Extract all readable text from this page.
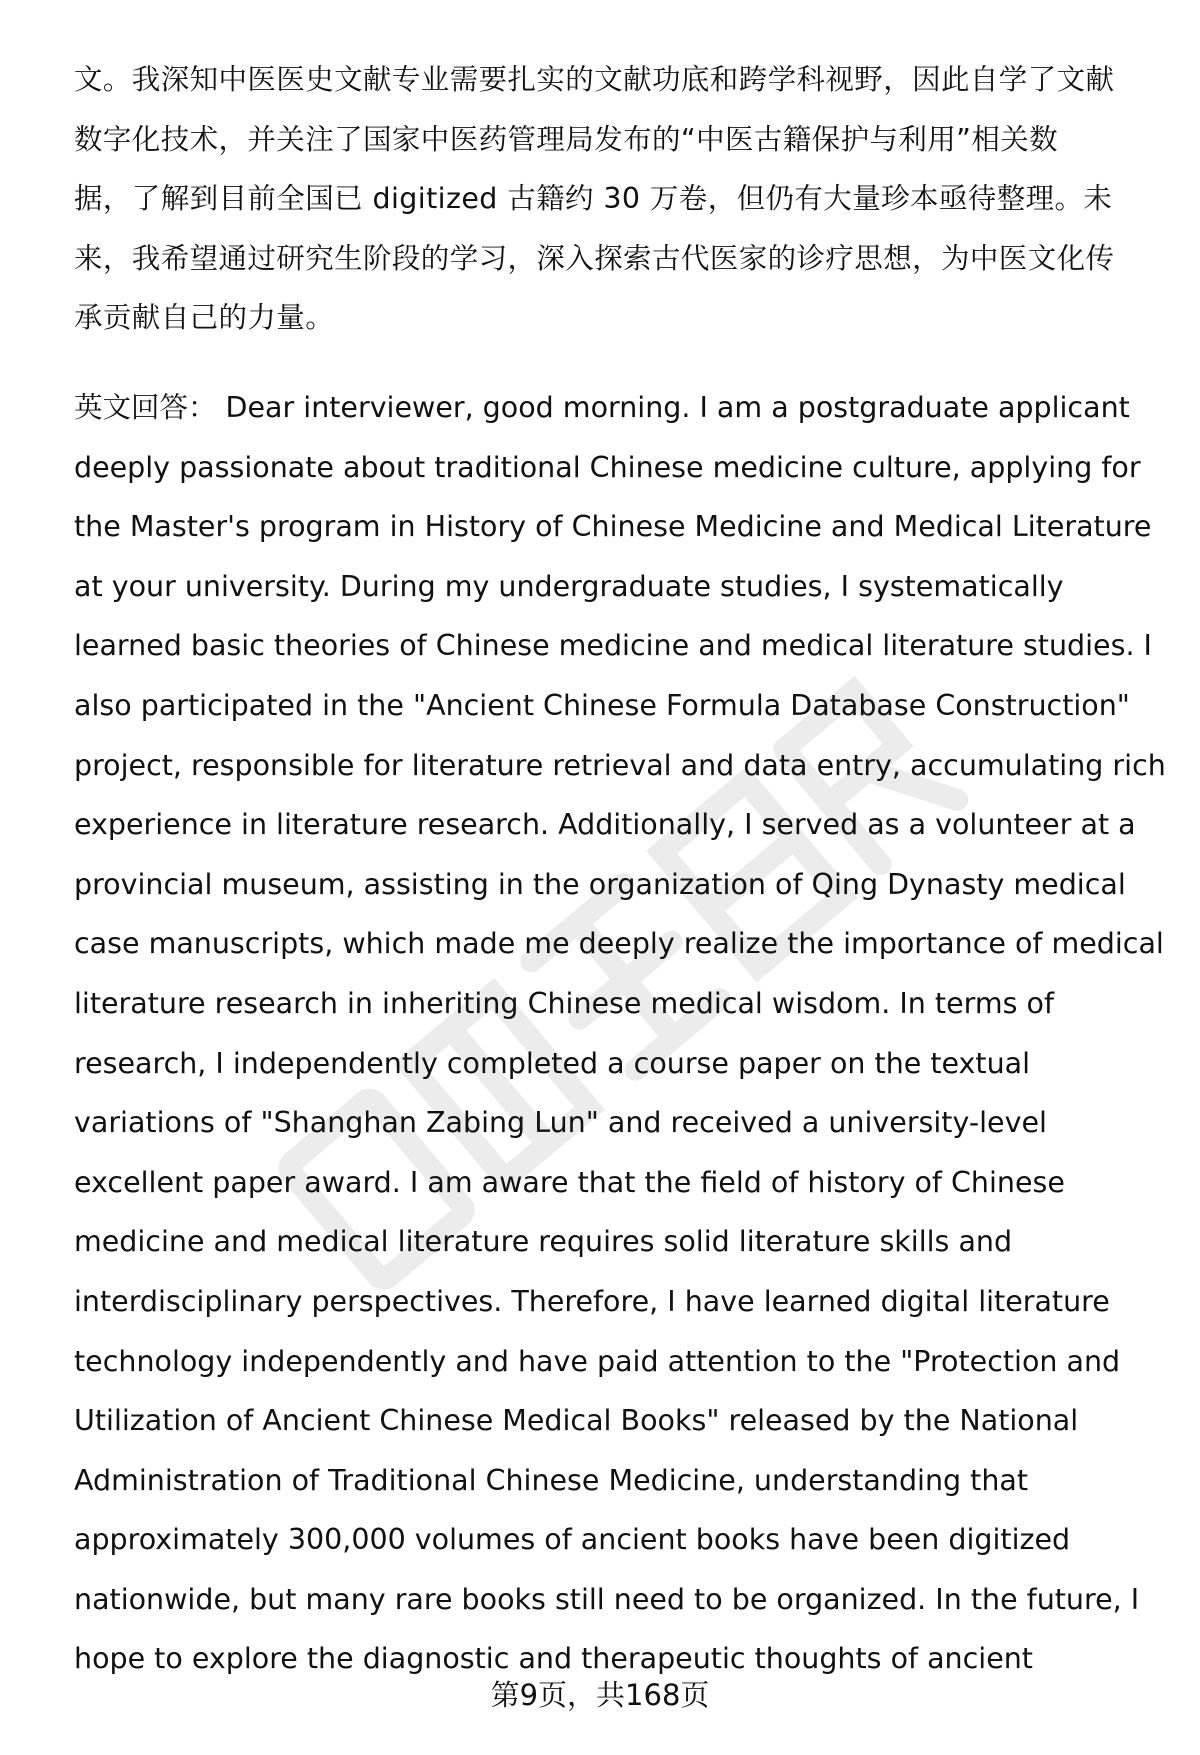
文。我深知中医医史文献专业需要扎实的文献功底和跨学科视野，因此自学了文献
数字化技术，并关注了国家中医药管理局发布的“中医古籍保护与利用”相关数
据，了解到目前全国已 digitized 古籍约 30 万卷，但仍有大量珍本亟待整理。未
来，我希望通过研究生阶段的学习，深入探索古代医家的诊疗思想，为中医文化传
承贡献自己的力量。
英文回答： Dear interviewer, good morning. I am a postgraduate applicant
deeply passionate about traditional Chinese medicine culture, applying for
the Master's program in History of Chinese Medicine and Medical Literature
at your university. During my undergraduate studies, I systematically
learned basic theories of Chinese medicine and medical literature studies. I
also participated in the "Ancient Chinese Formula Database Construction"
project, responsible for literature retrieval and data entry, accumulating rich
experience in literature research. Additionally, I served as a volunteer at a
provincial museum, assisting in the organization of Qing Dynasty medical
case manuscripts, which made me deeply realize the importance of medical
literature research in inheriting Chinese medical wisdom. In terms of
research, I independently completed a course paper on the textual
variations of "Shanghan Zabing Lun" and received a university-level
excellent paper award. I am aware that the field of history of Chinese
medicine and medical literature requires solid literature skills and
interdisciplinary perspectives. Therefore, I have learned digital literature
technology independently and have paid attention to the "Protection and
Utilization of Ancient Chinese Medical Books" released by the National
Administration of Traditional Chinese Medicine, understanding that
approximately 300,000 volumes of ancient books have been digitized
nationwide, but many rare books still need to be organized. In the future, I
hope to explore the diagnostic and therapeutic thoughts of ancient
第9页，共168页
